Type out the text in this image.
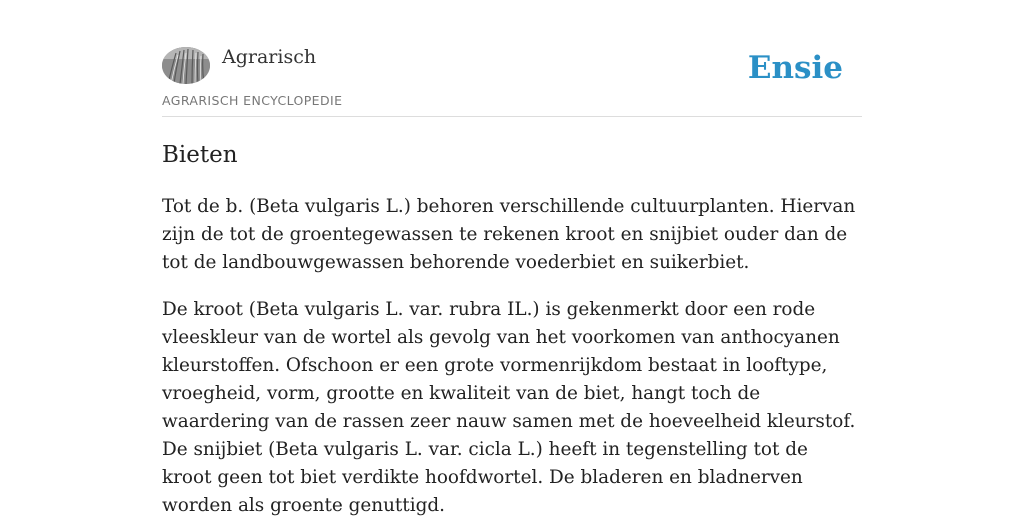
Agrarisch
AGRARISCH ENCYCLOPEDIE
Ensie
Bieten

Tot de b. (Beta vulgaris L.) behoren verschillende cultuurplanten. Hiervan zijn de tot de groentegewassen te rekenen kroot en snijbiet ouder dan de tot de landbouwgewassen behorende voederbiet en suikerbiet.

De kroot (Beta vulgaris L. var. rubra IL.) is gekenmerkt door een rode vleeskleur van de wortel als gevolg van het voorkomen van anthocyanen kleurstoffen. Ofschoon er een grote vormenrijkdom bestaat in looftype, vroegheid, vorm, grootte en kwaliteit van de biet, hangt toch de waardering van de rassen zeer nauw samen met de hoeveelheid kleurstof. De snijbiet (Beta vulgaris L. var. cicla L.) heeft in tegenstelling tot de kroot geen tot biet verdikte hoofdwortel. De bladeren en bladnerven worden als groente genuttigd.
